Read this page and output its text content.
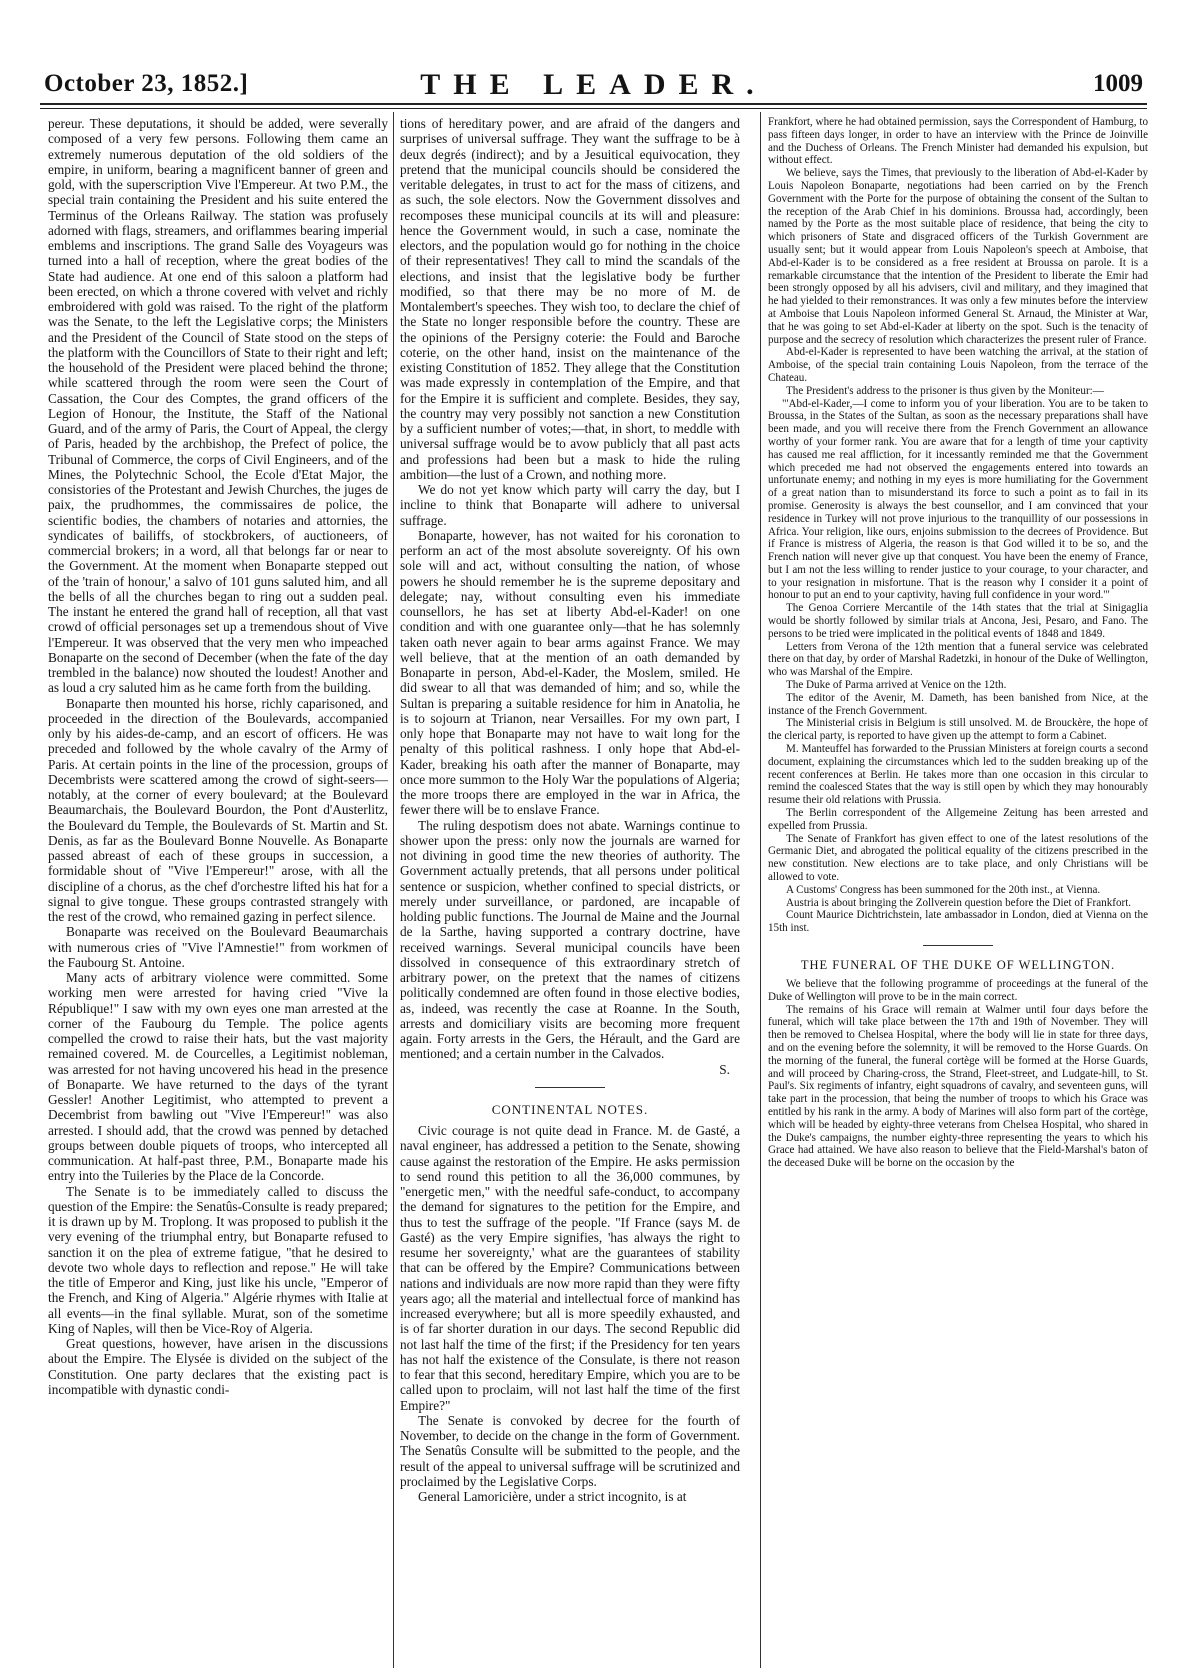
October 23, 1852.]	THE LEADER.	1009

pereur. These deputations, it should be added, were severally composed of a very few persons. Following them came an extremely numerous deputation of the old soldiers of the empire, in uniform, bearing a magnificent banner of green and gold, with the superscription Vive l'Empereur. At two P.M., the special train containing the President and his suite entered the Terminus of the Orleans Railway. The station was profusely adorned with flags, streamers, and oriflammes bearing imperial emblems and inscriptions. The grand Salle des Voyageurs was turned into a hall of reception, where the great bodies of the State had audience. At one end of this saloon a platform had been erected, on which a throne covered with velvet and richly embroidered with gold was raised. To the right of the platform was the Senate, to the left the Legislative corps; the Ministers and the President of the Council of State stood on the steps of the platform with the Councillors of State to their right and left; the household of the President were placed behind the throne; while scattered through the room were seen the Court of Cassation, the Cour des Comptes, the grand officers of the Legion of Honour, the Institute, the Staff of the National Guard, and of the army of Paris, the Court of Appeal, the clergy of Paris, headed by the archbishop, the Prefect of police, the Tribunal of Commerce, the corps of Civil Engineers, and of the Mines, the Polytechnic School, the Ecole d'Etat Major, the consistories of the Protestant and Jewish Churches, the juges de paix, the prudhommes, the commissaires de police, the scientific bodies, the chambers of notaries and attornies, the syndicates of bailiffs, of stockbrokers, of auctioneers, of commercial brokers; in a word, all that belongs far or near to the Government. At the moment when Bonaparte stepped out of the 'train of honour,' a salvo of 101 guns saluted him, and all the bells of all the churches began to ring out a sudden peal. The instant he entered the grand hall of reception, all that vast crowd of official personages set up a tremendous shout of Vive l'Empereur. It was observed that the very men who impeached Bonaparte on the second of December (when the fate of the day trembled in the balance) now shouted the loudest! Another and as loud a cry saluted him as he came forth from the building.

Bonaparte then mounted his horse, richly caparisoned, and proceeded in the direction of the Boulevards, accompanied only by his aides-de-camp, and an escort of officers. He was preceded and followed by the whole cavalry of the Army of Paris. At certain points in the line of the procession, groups of Decembrists were scattered among the crowd of sight-seers—notably, at the corner of every boulevard; at the Boulevard Beaumarchais, the Boulevard Bourdon, the Pont d'Austerlitz, the Boulevard du Temple, the Boulevards of St. Martin and St. Denis, as far as the Boulevard Bonne Nouvelle. As Bonaparte passed abreast of each of these groups in succession, a formidable shout of "Vive l'Empereur!" arose, with all the discipline of a chorus, as the chef d'orchestre lifted his hat for a signal to give tongue. These groups contrasted strangely with the rest of the crowd, who remained gazing in perfect silence.

Bonaparte was received on the Boulevard Beaumarchais with numerous cries of "Vive l'Amnestie!" from workmen of the Faubourg St. Antoine.

Many acts of arbitrary violence were committed. Some working men were arrested for having cried "Vive la République!" I saw with my own eyes one man arrested at the corner of the Faubourg du Temple. The police agents compelled the crowd to raise their hats, but the vast majority remained covered. M. de Courcelles, a Legitimist nobleman, was arrested for not having uncovered his head in the presence of Bonaparte. We have returned to the days of the tyrant Gessler! Another Legitimist, who attempted to prevent a Decembrist from bawling out "Vive l'Empereur!" was also arrested. I should add, that the crowd was penned by detached groups between double piquets of troops, who intercepted all communication. At half-past three, P.M., Bonaparte made his entry into the Tuileries by the Place de la Concorde.

The Senate is to be immediately called to discuss the question of the Empire: the Senatûs-Consulte is ready prepared; it is drawn up by M. Troplong. It was proposed to publish it the very evening of the triumphal entry, but Bonaparte refused to sanction it on the plea of extreme fatigue, "that he desired to devote two whole days to reflection and repose." He will take the title of Emperor and King, just like his uncle, "Emperor of the French, and King of Algeria." Algérie rhymes with Italie at all events—in the final syllable. Murat, son of the sometime King of Naples, will then be Vice-Roy of Algeria.

Great questions, however, have arisen in the discussions about the Empire. The Elysée is divided on the subject of the Constitution. One party declares that the existing pact is incompatible with dynastic condi-

tions of hereditary power, and are afraid of the dangers and surprises of universal suffrage. They want the suffrage to be à deux degrés (indirect); and by a Jesuitical equivocation, they pretend that the municipal councils should be considered the veritable delegates, in trust to act for the mass of citizens, and as such, the sole electors. Now the Government dissolves and recomposes these municipal councils at its will and pleasure: hence the Government would, in such a case, nominate the electors, and the population would go for nothing in the choice of their representatives! They call to mind the scandals of the elections, and insist that the legislative body be further modified, so that there may be no more of M. de Montalembert's speeches. They wish too, to declare the chief of the State no longer responsible before the country. These are the opinions of the Persigny coterie: the Fould and Baroche coterie, on the other hand, insist on the maintenance of the existing Constitution of 1852. They allege that the Constitution was made expressly in contemplation of the Empire, and that for the Empire it is sufficient and complete. Besides, they say, the country may very possibly not sanction a new Constitution by a sufficient number of votes;—that, in short, to meddle with universal suffrage would be to avow publicly that all past acts and professions had been but a mask to hide the ruling ambition—the lust of a Crown, and nothing more.

We do not yet know which party will carry the day, but I incline to think that Bonaparte will adhere to universal suffrage.

Bonaparte, however, has not waited for his coronation to perform an act of the most absolute sovereignty. Of his own sole will and act, without consulting the nation, of whose powers he should remember he is the supreme depositary and delegate; nay, without consulting even his immediate counsellors, he has set at liberty Abd-el-Kader! on one condition and with one guarantee only—that he has solemnly taken oath never again to bear arms against France. We may well believe, that at the mention of an oath demanded by Bonaparte in person, Abd-el-Kader, the Moslem, smiled. He did swear to all that was demanded of him; and so, while the Sultan is preparing a suitable residence for him in Anatolia, he is to sojourn at Trianon, near Versailles. For my own part, I only hope that Bonaparte may not have to wait long for the penalty of this political rashness. I only hope that Abd-el-Kader, breaking his oath after the manner of Bonaparte, may once more summon to the Holy War the populations of Algeria; the more troops there are employed in the war in Africa, the fewer there will be to enslave France.

The ruling despotism does not abate. Warnings continue to shower upon the press: only now the journals are warned for not divining in good time the new theories of authority. The Government actually pretends, that all persons under political sentence or suspicion, whether confined to special districts, or merely under surveillance, or pardoned, are incapable of holding public functions. The Journal de Maine and the Journal de la Sarthe, having supported a contrary doctrine, have received warnings. Several municipal councils have been dissolved in consequence of this extraordinary stretch of arbitrary power, on the pretext that the names of citizens politically condemned are often found in those elective bodies, as, indeed, was recently the case at Roanne. In the South, arrests and domiciliary visits are becoming more frequent again. Forty arrests in the Gers, the Hérault, and the Gard are mentioned; and a certain number in the Calvados.

S.

CONTINENTAL NOTES.

Civic courage is not quite dead in France. M. de Gasté, a naval engineer, has addressed a petition to the Senate, showing cause against the restoration of the Empire. He asks permission to send round this petition to all the 36,000 communes, by "energetic men," with the needful safe-conduct, to accompany the demand for signatures to the petition for the Empire, and thus to test the suffrage of the people. "If France (says M. de Gasté) as the very Empire signifies, 'has always the right to resume her sovereignty,' what are the guarantees of stability that can be offered by the Empire? Communications between nations and individuals are now more rapid than they were fifty years ago; all the material and intellectual force of mankind has increased everywhere; but all is more speedily exhausted, and is of far shorter duration in our days. The second Republic did not last half the time of the first; if the Presidency for ten years has not half the existence of the Consulate, is there not reason to fear that this second, hereditary Empire, which you are to be called upon to proclaim, will not last half the time of the first Empire?"

The Senate is convoked by decree for the fourth of November, to decide on the change in the form of Government. The Senatûs Consulte will be submitted to the people, and the result of the appeal to universal suffrage will be scrutinized and proclaimed by the Legislative Corps.

General Lamoricière, under a strict incognito, is at

Frankfort, where he had obtained permission, says the Correspondent of Hamburg, to pass fifteen days longer, in order to have an interview with the Prince de Joinville and the Duchess of Orleans. The French Minister had demanded his expulsion, but without effect.

We believe, says the Times, that previously to the liberation of Abd-el-Kader by Louis Napoleon Bonaparte, negotiations had been carried on by the French Government with the Porte for the purpose of obtaining the consent of the Sultan to the reception of the Arab Chief in his dominions. Broussa had, accordingly, been named by the Porte as the most suitable place of residence, that being the city to which prisoners of State and disgraced officers of the Turkish Government are usually sent; but it would appear from Louis Napoleon's speech at Amboise, that Abd-el-Kader is to be considered as a free resident at Broussa on parole. It is a remarkable circumstance that the intention of the President to liberate the Emir had been strongly opposed by all his advisers, civil and military, and they imagined that he had yielded to their remonstrances. It was only a few minutes before the interview at Amboise that Louis Napoleon informed General St. Arnaud, the Minister at War, that he was going to set Abd-el-Kader at liberty on the spot. Such is the tenacity of purpose and the secrecy of resolution which characterizes the present ruler of France.

Abd-el-Kader is represented to have been watching the arrival, at the station of Amboise, of the special train containing Louis Napoleon, from the terrace of the Chateau.

The President's address to the prisoner is thus given by the Moniteur:—

"'Abd-el-Kader,—I come to inform you of your liberation. You are to be taken to Broussa, in the States of the Sultan, as soon as the necessary preparations shall have been made, and you will receive there from the French Government an allowance worthy of your former rank. You are aware that for a length of time your captivity has caused me real affliction, for it incessantly reminded me that the Government which preceded me had not observed the engagements entered into towards an unfortunate enemy; and nothing in my eyes is more humiliating for the Government of a great nation than to misunderstand its force to such a point as to fail in its promise. Generosity is always the best counsellor, and I am convinced that your residence in Turkey will not prove injurious to the tranquillity of our possessions in Africa. Your religion, like ours, enjoins submission to the decrees of Providence. But if France is mistress of Algeria, the reason is that God willed it to be so, and the French nation will never give up that conquest. You have been the enemy of France, but I am not the less willing to render justice to your courage, to your character, and to your resignation in misfortune. That is the reason why I consider it a point of honour to put an end to your captivity, having full confidence in your word.'"

The Genoa Corriere Mercantile of the 14th states that the trial at Sinigaglia would be shortly followed by similar trials at Ancona, Jesi, Pesaro, and Fano. The persons to be tried were implicated in the political events of 1848 and 1849.

Letters from Verona of the 12th mention that a funeral service was celebrated there on that day, by order of Marshal Radetzki, in honour of the Duke of Wellington, who was Marshal of the Empire.

The Duke of Parma arrived at Venice on the 12th.

The editor of the Avenir, M. Dameth, has been banished from Nice, at the instance of the French Government.

The Ministerial crisis in Belgium is still unsolved. M. de Brouckère, the hope of the clerical party, is reported to have given up the attempt to form a Cabinet.

M. Manteuffel has forwarded to the Prussian Ministers at foreign courts a second document, explaining the circumstances which led to the sudden breaking up of the recent conferences at Berlin. He takes more than one occasion in this circular to remind the coalesced States that the way is still open by which they may honourably resume their old relations with Prussia.

The Berlin correspondent of the Allgemeine Zeitung has been arrested and expelled from Prussia.

The Senate of Frankfort has given effect to one of the latest resolutions of the Germanic Diet, and abrogated the political equality of the citizens prescribed in the new constitution. New elections are to take place, and only Christians will be allowed to vote.

A Customs' Congress has been summoned for the 20th inst., at Vienna.

Austria is about bringing the Zollverein question before the Diet of Frankfort.

Count Maurice Dichtrichstein, late ambassador in London, died at Vienna on the 15th inst.

THE FUNERAL OF THE DUKE OF WELLINGTON.

We believe that the following programme of proceedings at the funeral of the Duke of Wellington will prove to be in the main correct.

The remains of his Grace will remain at Walmer until four days before the funeral, which will take place between the 17th and 19th of November. They will then be removed to Chelsea Hospital, where the body will lie in state for three days, and on the evening before the solemnity, it will be removed to the Horse Guards. On the morning of the funeral, the funeral cortège will be formed at the Horse Guards, and will proceed by Charing-cross, the Strand, Fleet-street, and Ludgate-hill, to St. Paul's. Six regiments of infantry, eight squadrons of cavalry, and seventeen guns, will take part in the procession, that being the number of troops to which his Grace was entitled by his rank in the army. A body of Marines will also form part of the cortège, which will be headed by eighty-three veterans from Chelsea Hospital, who shared in the Duke's campaigns, the number eighty-three representing the years to which his Grace had attained. We have also reason to believe that the Field-Marshal's baton of the deceased Duke will be borne on the occasion by the
